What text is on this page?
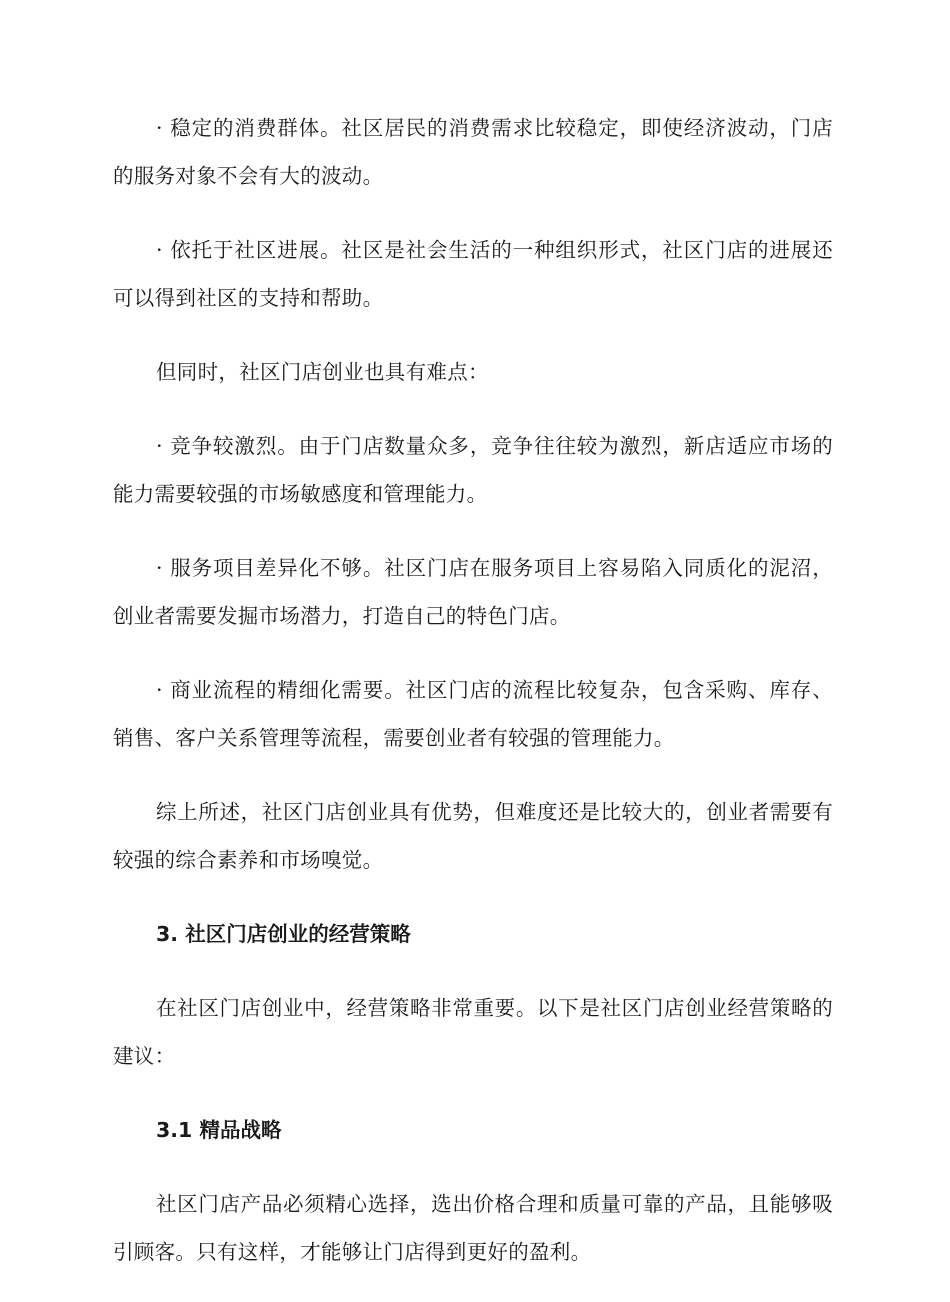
· 稳定的消费群体。社区居民的消费需求比较稳定，即使经济波动，门店的服务对象不会有大的波动。

· 依托于社区进展。社区是社会生活的一种组织形式，社区门店的进展还可以得到社区的支持和帮助。

但同时，社区门店创业也具有难点：

· 竞争较激烈。由于门店数量众多，竞争往往较为激烈，新店适应市场的能力需要较强的市场敏感度和管理能力。

· 服务项目差异化不够。社区门店在服务项目上容易陷入同质化的泥沼，创业者需要发掘市场潜力，打造自己的特色门店。

· 商业流程的精细化需要。社区门店的流程比较复杂，包含采购、库存、销售、客户关系管理等流程，需要创业者有较强的管理能力。

综上所述，社区门店创业具有优势，但难度还是比较大的，创业者需要有较强的综合素养和市场嗅觉。

3. 社区门店创业的经营策略

在社区门店创业中，经营策略非常重要。以下是社区门店创业经营策略的建议：

3.1 精品战略

社区门店产品必须精心选择，选出价格合理和质量可靠的产品，且能够吸引顾客。只有这样，才能够让门店得到更好的盈利。
